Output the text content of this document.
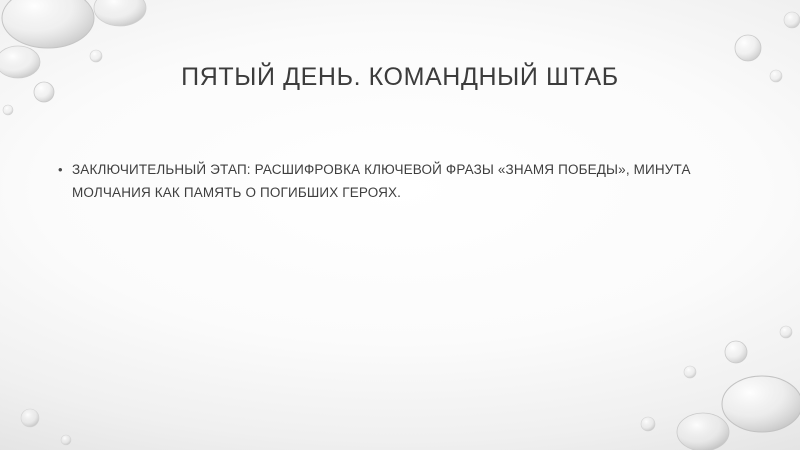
ПЯТЫЙ ДЕНЬ. КОМАНДНЫЙ ШТАБ
• ЗАКЛЮЧИТЕЛЬНЫЙ ЭТАП: РАСШИФРОВКА КЛЮЧЕВОЙ ФРАЗЫ «ЗНАМЯ ПОБЕДЫ», МИНУТА МОЛЧАНИЯ КАК ПАМЯТЬ О ПОГИБШИХ ГЕРОЯХ.
